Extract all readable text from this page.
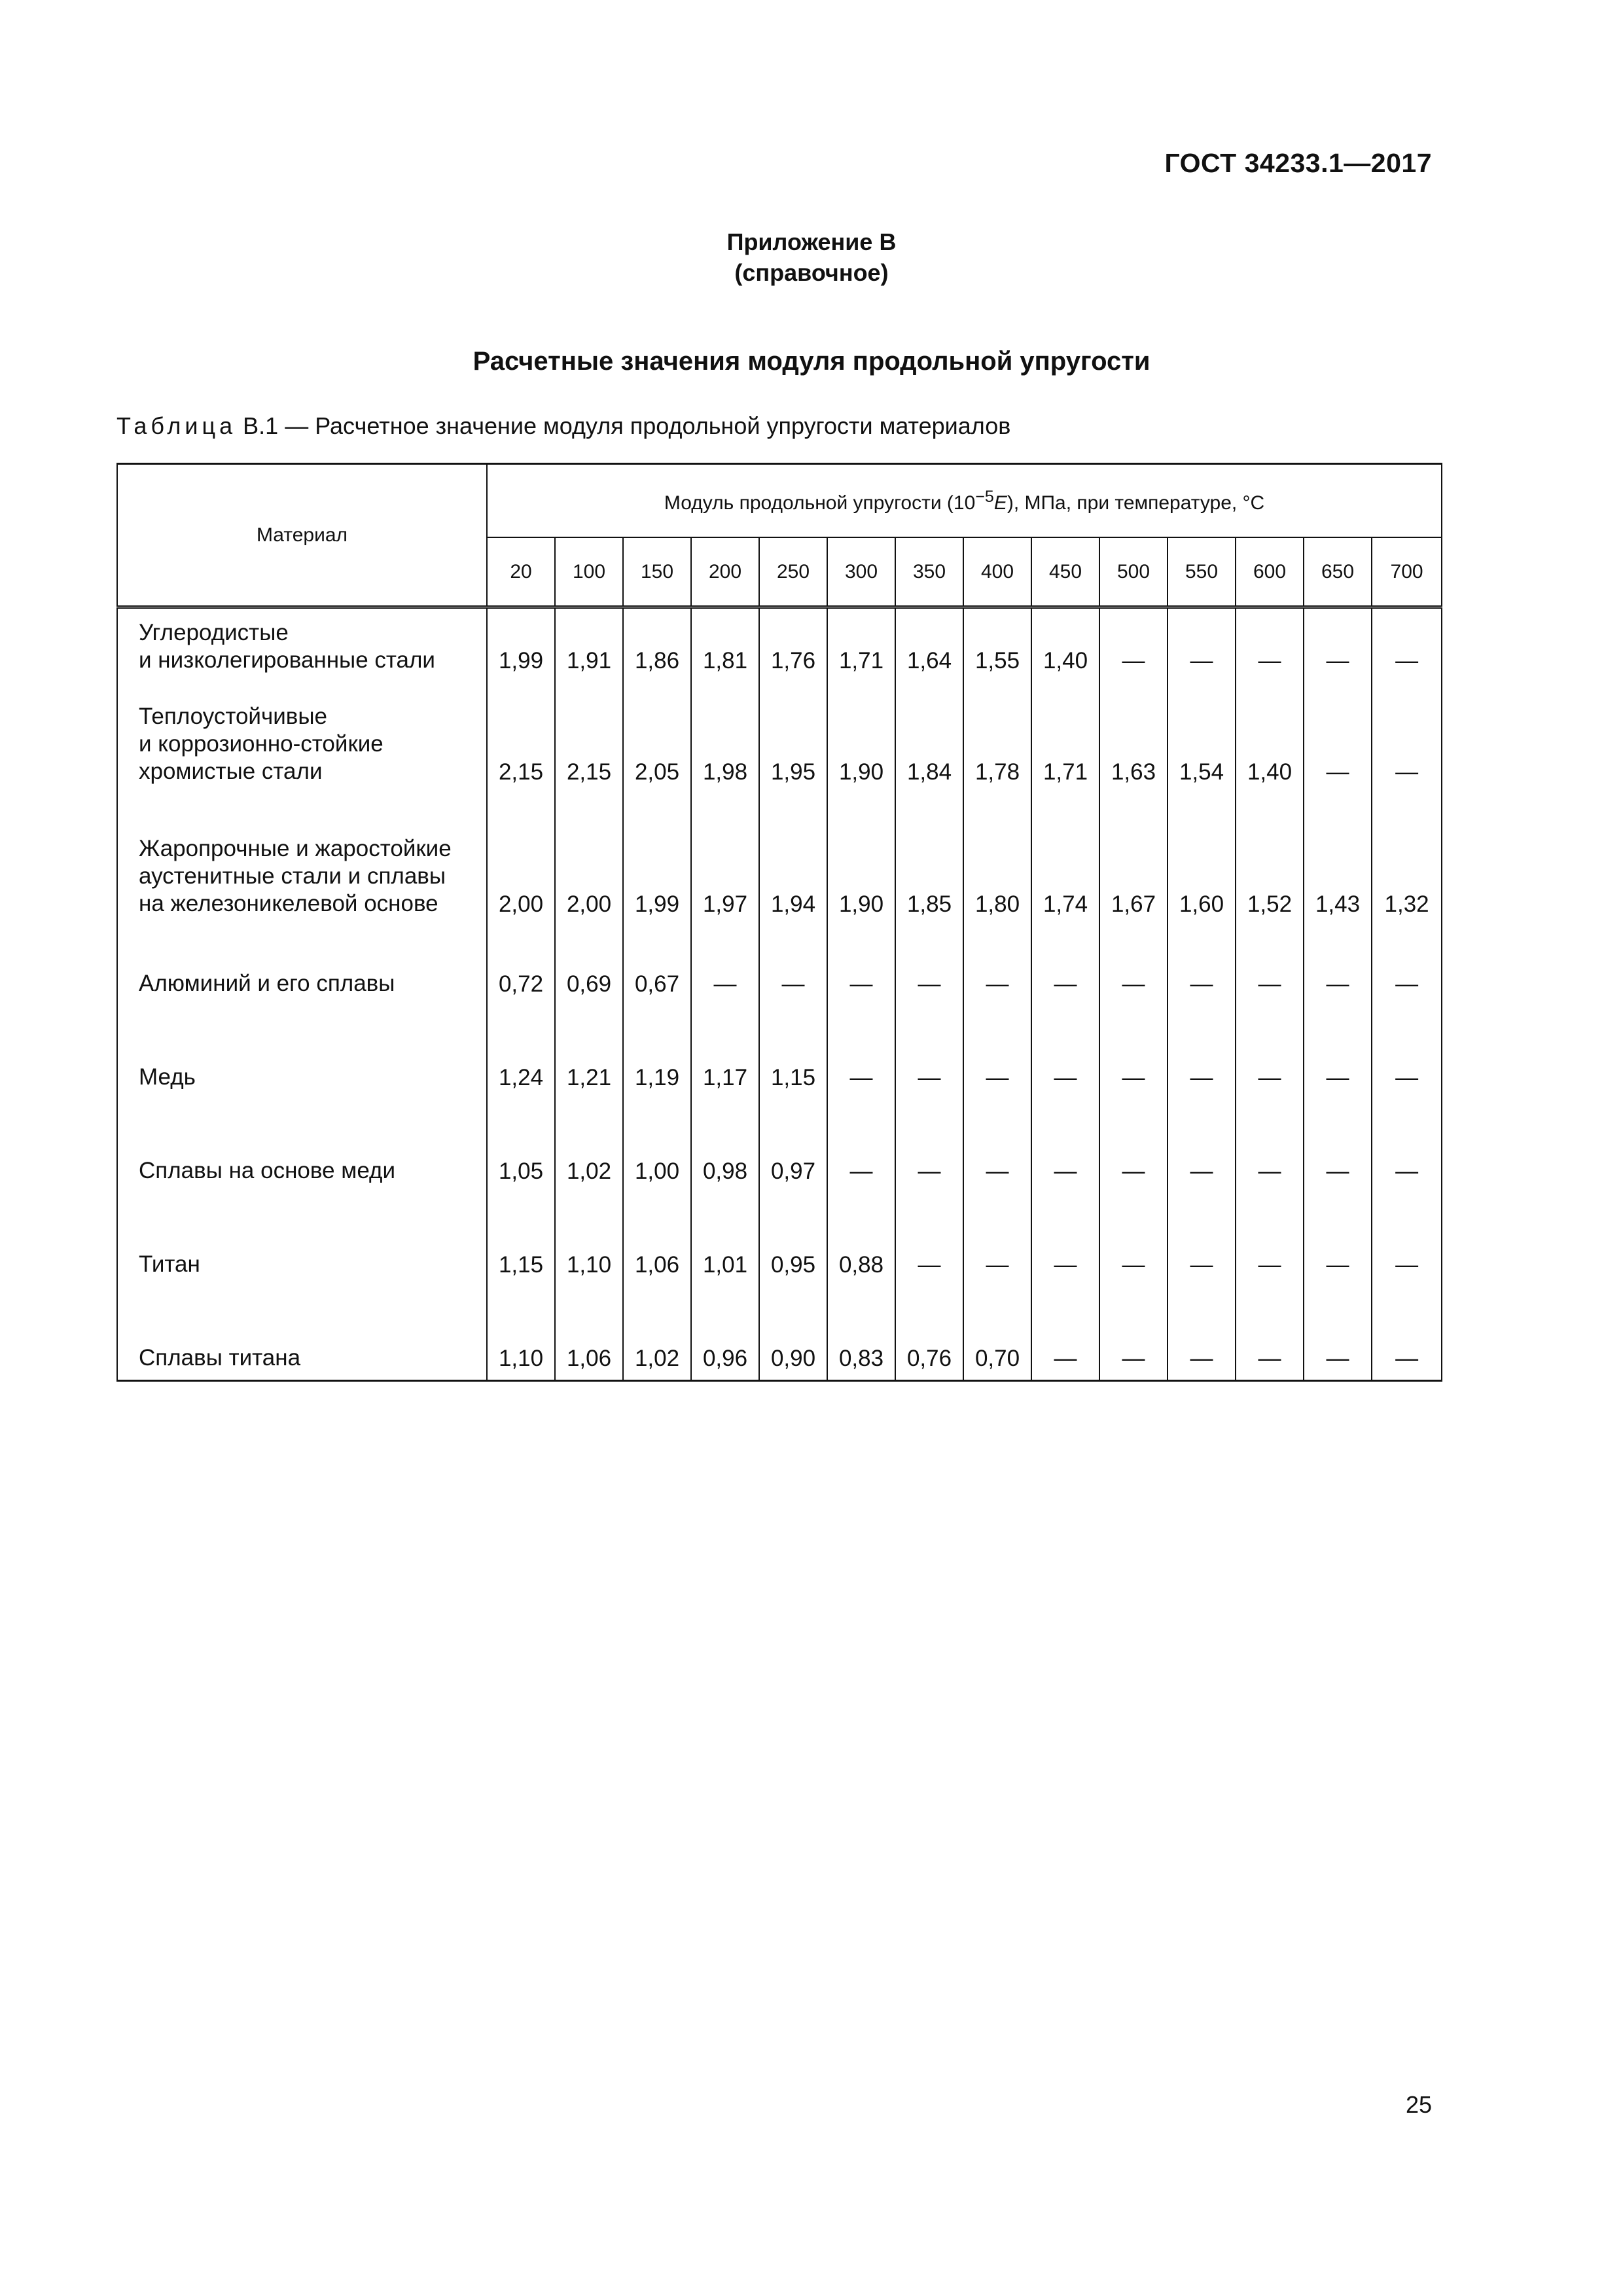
ГОСТ 34233.1—2017
Приложение В
(справочное)
Расчетные значения модуля продольной упругости
Таблица В.1 — Расчетное значение модуля продольной упругости материалов
Материал	Модуль продольной упругости $(10^{-5}E)$, МПа, при температуре, °С													
	20	100	150	200	250	300	350	400	450	500	550	600	650	700

Углеродистые
и низколегированные стали	1,99	1,91	1,86	1,81	1,76	1,71	1,64	1,55	1,40	—	—	—	—	—

Теплоустойчивые
и коррозионно-стойкие
хромистые стали	2,15	2,15	2,05	1,98	1,95	1,90	1,84	1,78	1,71	1,63	1,54	1,40	—	—

Жаропрочные и жаростойкие
аустенитные стали и сплавы
на железоникелевой основе	2,00	2,00	1,99	1,97	1,94	1,90	1,85	1,80	1,74	1,67	1,60	1,52	1,43	1,32

Алюминий и его сплавы	0,72	0,69	0,67	—	—	—	—	—	—	—	—	—	—	—

Медь	1,24	1,21	1,19	1,17	1,15	—	—	—	—	—	—	—	—	—

Сплавы на основе меди	1,05	1,02	1,00	0,98	0,97	—	—	—	—	—	—	—	—	—

Титан	1,15	1,10	1,06	1,01	0,95	0,88	—	—	—	—	—	—	—	—

Сплавы титана	1,10	1,06	1,02	0,96	0,90	0,83	0,76	0,70	—	—	—	—	—	—
25
